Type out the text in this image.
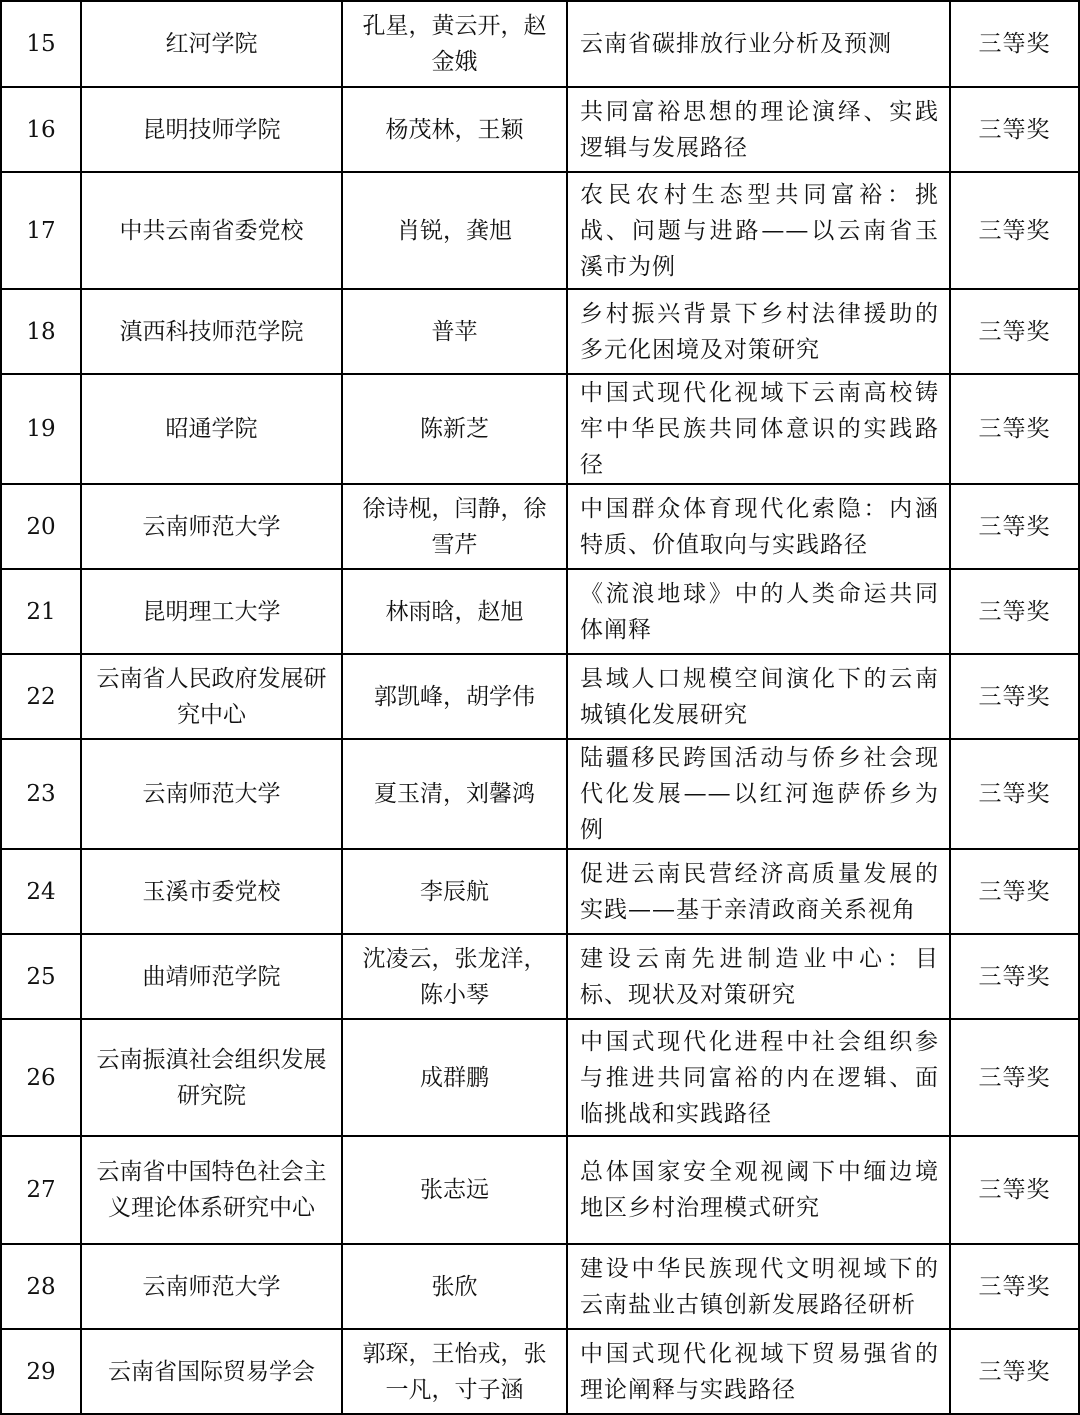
15	红河学院	孔星，黄云开，赵金娥	云南省碳排放行业分析及预测	三等奖
16	昆明技师学院	杨茂林，王颖	共同富裕思想的理论演绎、实践逻辑与发展路径	三等奖
17	中共云南省委党校	肖锐，龚旭	农民农村生态型共同富裕：挑战、问题与进路——以云南省玉溪市为例	三等奖
18	滇西科技师范学院	普苹	乡村振兴背景下乡村法律援助的多元化困境及对策研究	三等奖
19	昭通学院	陈新芝	中国式现代化视域下云南高校铸牢中华民族共同体意识的实践路径	三等奖
20	云南师范大学	徐诗枧，闫静，徐雪芹	中国群众体育现代化索隐：内涵特质、价值取向与实践路径	三等奖
21	昆明理工大学	林雨晗，赵旭	《流浪地球》中的人类命运共同体阐释	三等奖
22	云南省人民政府发展研究中心	郭凯峰，胡学伟	县域人口规模空间演化下的云南城镇化发展研究	三等奖
23	云南师范大学	夏玉清，刘馨鸿	陆疆移民跨国活动与侨乡社会现代化发展——以红河迤萨侨乡为例	三等奖
24	玉溪市委党校	李辰航	促进云南民营经济高质量发展的实践——基于亲清政商关系视角	三等奖
25	曲靖师范学院	沈凌云，张龙洋，陈小琴	建设云南先进制造业中心：目标、现状及对策研究	三等奖
26	云南振滇社会组织发展研究院	成群鹏	中国式现代化进程中社会组织参与推进共同富裕的内在逻辑、面临挑战和实践路径	三等奖
27	云南省中国特色社会主义理论体系研究中心	张志远	总体国家安全观视阈下中缅边境地区乡村治理模式研究	三等奖
28	云南师范大学	张欣	建设中华民族现代文明视域下的云南盐业古镇创新发展路径研析	三等奖
29	云南省国际贸易学会	郭琛，王怡戎，张一凡，寸子涵	中国式现代化视域下贸易强省的理论阐释与实践路径	三等奖
